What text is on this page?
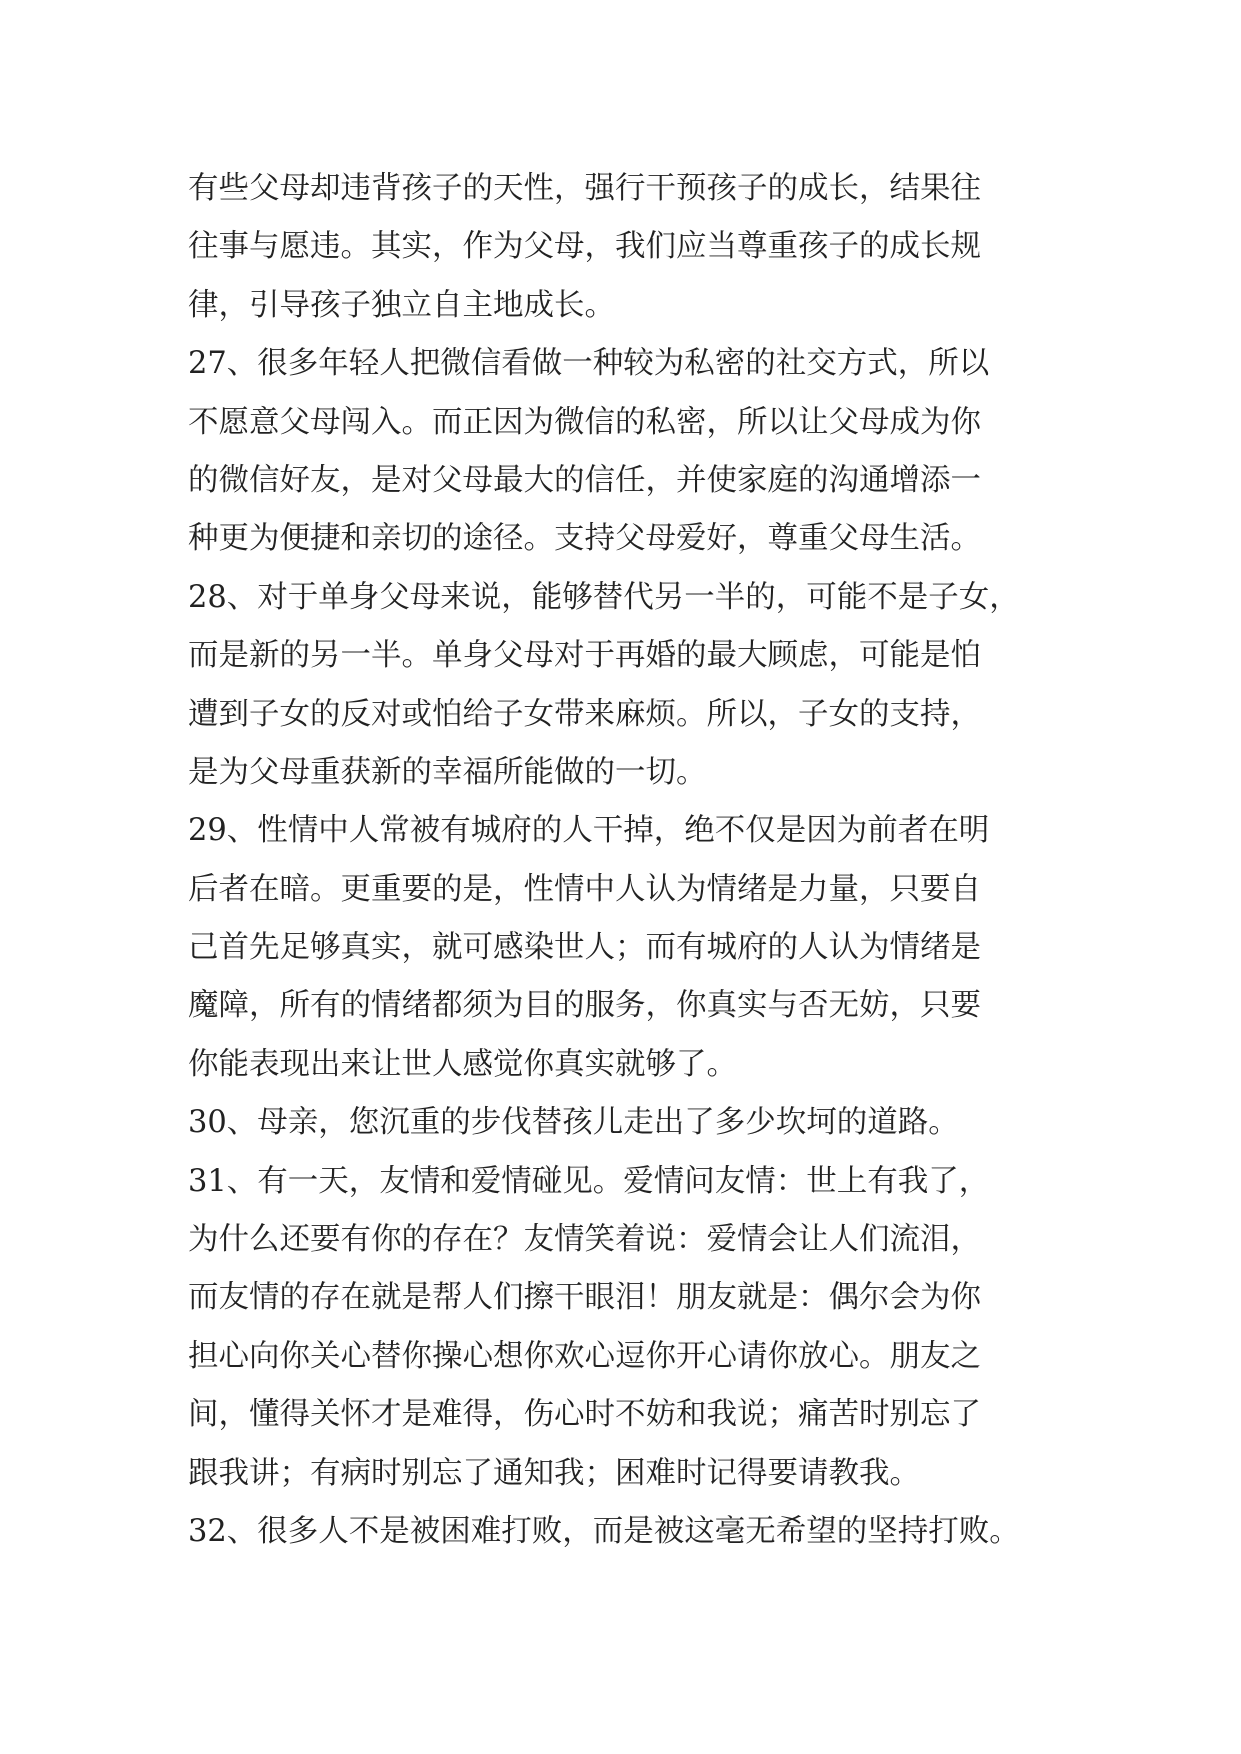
有些父母却违背孩子的天性，强行干预孩子的成长，结果往
往事与愿违。其实，作为父母，我们应当尊重孩子的成长规
律，引导孩子独立自主地成长。
27、很多年轻人把微信看做一种较为私密的社交方式，所以
不愿意父母闯入。而正因为微信的私密，所以让父母成为你
的微信好友，是对父母最大的信任，并使家庭的沟通增添一
种更为便捷和亲切的途径。支持父母爱好，尊重父母生活。
28、对于单身父母来说，能够替代另一半的，可能不是子女，
而是新的另一半。单身父母对于再婚的最大顾虑，可能是怕
遭到子女的反对或怕给子女带来麻烦。所以，子女的支持，
是为父母重获新的幸福所能做的一切。
29、性情中人常被有城府的人干掉，绝不仅是因为前者在明
后者在暗。更重要的是，性情中人认为情绪是力量，只要自
己首先足够真实，就可感染世人；而有城府的人认为情绪是
魔障，所有的情绪都须为目的服务，你真实与否无妨，只要
你能表现出来让世人感觉你真实就够了。
30、母亲，您沉重的步伐替孩儿走出了多少坎坷的道路。
31、有一天，友情和爱情碰见。爱情问友情：世上有我了，
为什么还要有你的存在？友情笑着说：爱情会让人们流泪，
而友情的存在就是帮人们擦干眼泪！朋友就是：偶尔会为你
担心向你关心替你操心想你欢心逗你开心请你放心。朋友之
间，懂得关怀才是难得，伤心时不妨和我说；痛苦时别忘了
跟我讲；有病时别忘了通知我；困难时记得要请教我。
32、很多人不是被困难打败，而是被这毫无希望的坚持打败。
